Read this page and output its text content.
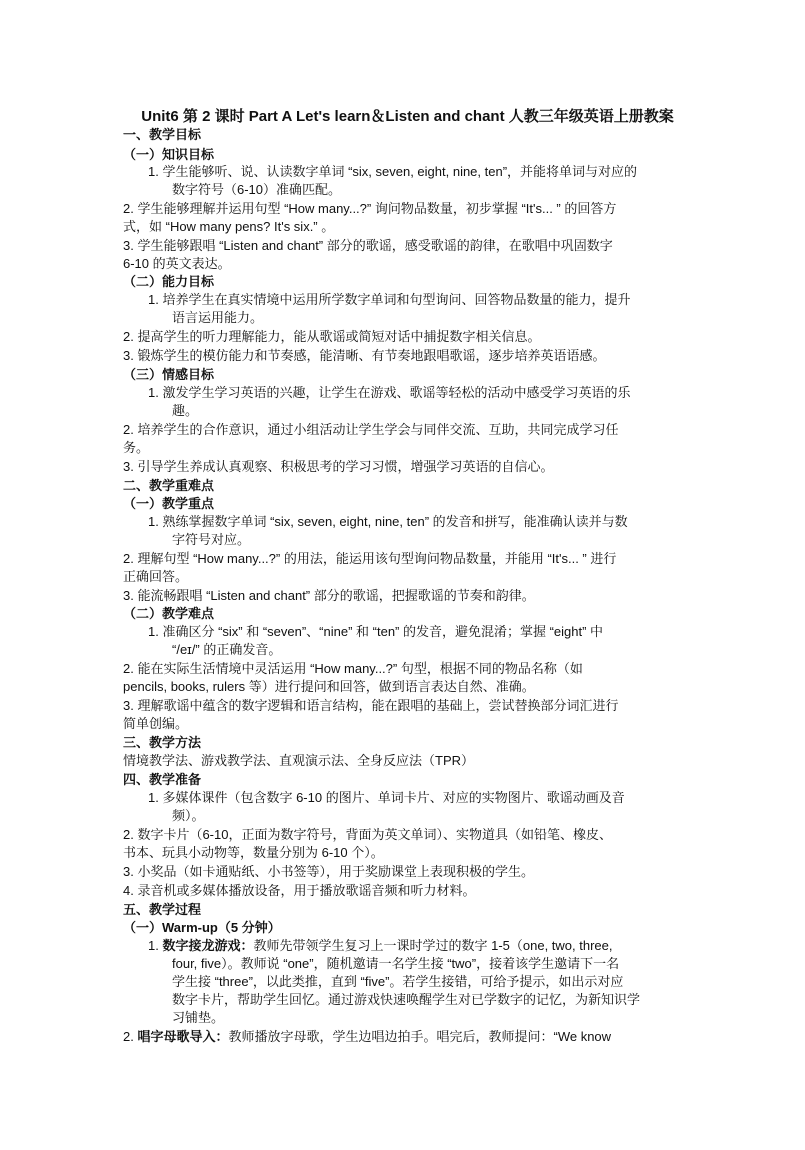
Unit6 第 2 课时 Part A Let's learn＆Listen and chant 人教三年级英语上册教案
一、教学目标
（一）知识目标
1. 学生能够听、说、认读数字单词 “six, seven, eight, nine, ten”，并能将单词与对应的
数字符号（6-10）准确匹配。
2. 学生能够理解并运用句型 “How many...?” 询问物品数量，初步掌握 “It's... ” 的回答方
式，如 “How many pens? It's six.” 。
3. 学生能够跟唱 “Listen and chant” 部分的歌谣，感受歌谣的韵律，在歌唱中巩固数字
6-10 的英文表达。
（二）能力目标
1. 培养学生在真实情境中运用所学数字单词和句型询问、回答物品数量的能力，提升
语言运用能力。
2. 提高学生的听力理解能力，能从歌谣或简短对话中捕捉数字相关信息。
3. 锻炼学生的模仿能力和节奏感，能清晰、有节奏地跟唱歌谣，逐步培养英语语感。
（三）情感目标
1. 激发学生学习英语的兴趣，让学生在游戏、歌谣等轻松的活动中感受学习英语的乐
趣。
2. 培养学生的合作意识，通过小组活动让学生学会与同伴交流、互助，共同完成学习任
务。
3. 引导学生养成认真观察、积极思考的学习习惯，增强学习英语的自信心。
二、教学重难点
（一）教学重点
1. 熟练掌握数字单词 “six, seven, eight, nine, ten” 的发音和拼写，能准确认读并与数
字符号对应。
2. 理解句型 “How many...?” 的用法，能运用该句型询问物品数量，并能用 “It's... ” 进行
正确回答。
3. 能流畅跟唱 “Listen and chant” 部分的歌谣，把握歌谣的节奏和韵律。
（二）教学难点
1. 准确区分 “six” 和 “seven”、“nine” 和 “ten” 的发音，避免混淆；掌握 “eight” 中
“/eɪ/” 的正确发音。
2. 能在实际生活情境中灵活运用 “How many...?” 句型，根据不同的物品名称（如
pencils, books, rulers 等）进行提问和回答，做到语言表达自然、准确。
3. 理解歌谣中蕴含的数字逻辑和语言结构，能在跟唱的基础上，尝试替换部分词汇进行
简单创编。
三、教学方法
情境教学法、游戏教学法、直观演示法、全身反应法（TPR）
四、教学准备
1. 多媒体课件（包含数字 6-10 的图片、单词卡片、对应的实物图片、歌谣动画及音
频）。
2. 数字卡片（6-10，正面为数字符号，背面为英文单词）、实物道具（如铅笔、橡皮、
书本、玩具小动物等，数量分别为 6-10 个）。
3. 小奖品（如卡通贴纸、小书签等），用于奖励课堂上表现积极的学生。
4. 录音机或多媒体播放设备，用于播放歌谣音频和听力材料。
五、教学过程
（一）Warm-up（5 分钟）
1. 数字接龙游戏：教师先带领学生复习上一课时学过的数字 1-5（one, two, three,
four, five）。教师说 “one”，随机邀请一名学生接 “two”，接着该学生邀请下一名
学生接 “three”，以此类推，直到 “five”。若学生接错，可给予提示，如出示对应
数字卡片，帮助学生回忆。通过游戏快速唤醒学生对已学数字的记忆，为新知识学
习铺垫。
2. 唱字母歌导入：教师播放字母歌，学生边唱边拍手。唱完后，教师提问：“We know
